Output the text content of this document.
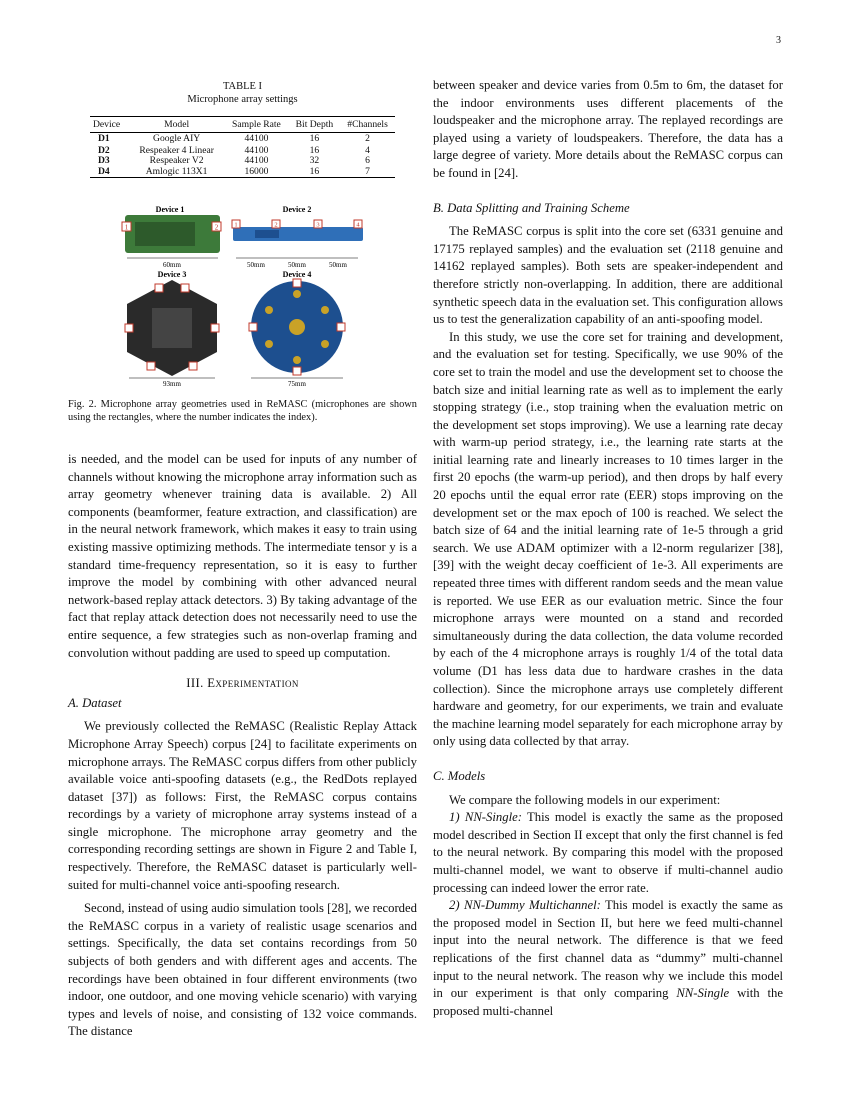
3
TABLE I
Microphone array settings
Device	Model	Sample Rate	Bit Depth	#Channels
D1	Google AIY	44100	16	2
D2	Respeaker 4 Linear	44100	16	4
D3	Respeaker V2	44100	32	6
D4	Amlogic 113X1	16000	16	7
Device 1
1	2
60mm
Device 2
1	2	3	4
50mm	50mm	50mm
Device 3
93mm
Device 4
75mm
Fig. 2. Microphone array geometries used in ReMASC (microphones are shown using the rectangles, where the number indicates the index).

is needed, and the model can be used for inputs of any number of channels without knowing the microphone array information such as array geometry whenever training data is available. 2) All components (beamformer, feature extraction, and classification) are in the neural network framework, which makes it easy to train using existing massive optimizing methods. The intermediate tensor y is a standard time-frequency representation, so it is easy to further improve the model by combining with other advanced neural network-based replay attack detectors. 3) By taking advantage of the fact that replay attack detection does not necessarily need to use the entire sequence, a few strategies such as non-overlap framing and convolution without padding are used to speed up computation.

III. Experimentation

A. Dataset

We previously collected the ReMASC (Realistic Replay Attack Microphone Array Speech) corpus [24] to facilitate experiments on microphone arrays. The ReMASC corpus differs from other publicly available voice anti-spoofing datasets (e.g., the RedDots replayed dataset [37]) as follows: First, the ReMASC corpus contains recordings by a variety of microphone array systems instead of a single microphone. The microphone array geometry and the corresponding recording settings are shown in Figure 2 and Table I, respectively. Therefore, the ReMASC dataset is particularly well-suited for multi-channel voice anti-spoofing research.

Second, instead of using audio simulation tools [28], we recorded the ReMASC corpus in a variety of realistic usage scenarios and settings. Specifically, the data set contains recordings from 50 subjects of both genders and with different ages and accents. The recordings have been obtained in four different environments (two indoor, one outdoor, and one moving vehicle scenario) with varying types and levels of noise, and consisting of 132 voice commands. The distance

between speaker and device varies from 0.5m to 6m, the dataset for the indoor environments uses different placements of the loudspeaker and the microphone array. The replayed recordings are played using a variety of loudspeakers. Therefore, the data has a large degree of variety. More details about the ReMASC corpus can be found in [24].

B. Data Splitting and Training Scheme

The ReMASC corpus is split into the core set (6331 genuine and 17175 replayed samples) and the evaluation set (2118 genuine and 14162 replayed samples). Both sets are speaker-independent and therefore strictly non-overlapping. In addition, there are additional synthetic speech data in the evaluation set. This configuration allows us to test the generalization capability of an anti-spoofing model.

In this study, we use the core set for training and development, and the evaluation set for testing. Specifically, we use 90% of the core set to train the model and use the development set to choose the batch size and initial learning rate as well as to implement the early stopping strategy (i.e., stop training when the evaluation metric on the development set stops improving). We use a learning rate decay with warm-up period strategy, i.e., the learning rate starts at the initial learning rate and linearly increases to 10 times larger in the first 20 epochs (the warm-up period), and then drops by half every 20 epochs until the equal error rate (EER) stops improving on the development set or the max epoch of 100 is reached. We select the batch size of 64 and the initial learning rate of 1e-5 through a grid search. We use ADAM optimizer with a l2-norm regularizer [38], [39] with the weight decay coefficient of 1e-3. All experiments are repeated three times with different random seeds and the mean value is reported. We use EER as our evaluation metric. Since the four microphone arrays were mounted on a stand and recorded simultaneously during the data collection, the data volume recorded by each of the 4 microphone arrays is roughly 1/4 of the total data volume (D1 has less data due to hardware crashes in the data collection). Since the microphone arrays use completely different hardware and geometry, for our experiments, we train and evaluate the machine learning model separately for each microphone array by only using data collected by that array.

C. Models

We compare the following models in our experiment:

1) NN-Single: This model is exactly the same as the proposed model described in Section II except that only the first channel is fed to the neural network. By comparing this model with the proposed multi-channel model, we want to observe if multi-channel audio processing can indeed lower the error rate.

2) NN-Dummy Multichannel: This model is exactly the same as the proposed model in Section II, but here we feed multi-channel input into the neural network. The difference is that we feed replications of the first channel data as “dummy” multi-channel input to the neural network. The reason why we include this model in our experiment is that only comparing NN-Single with the proposed multi-channel
